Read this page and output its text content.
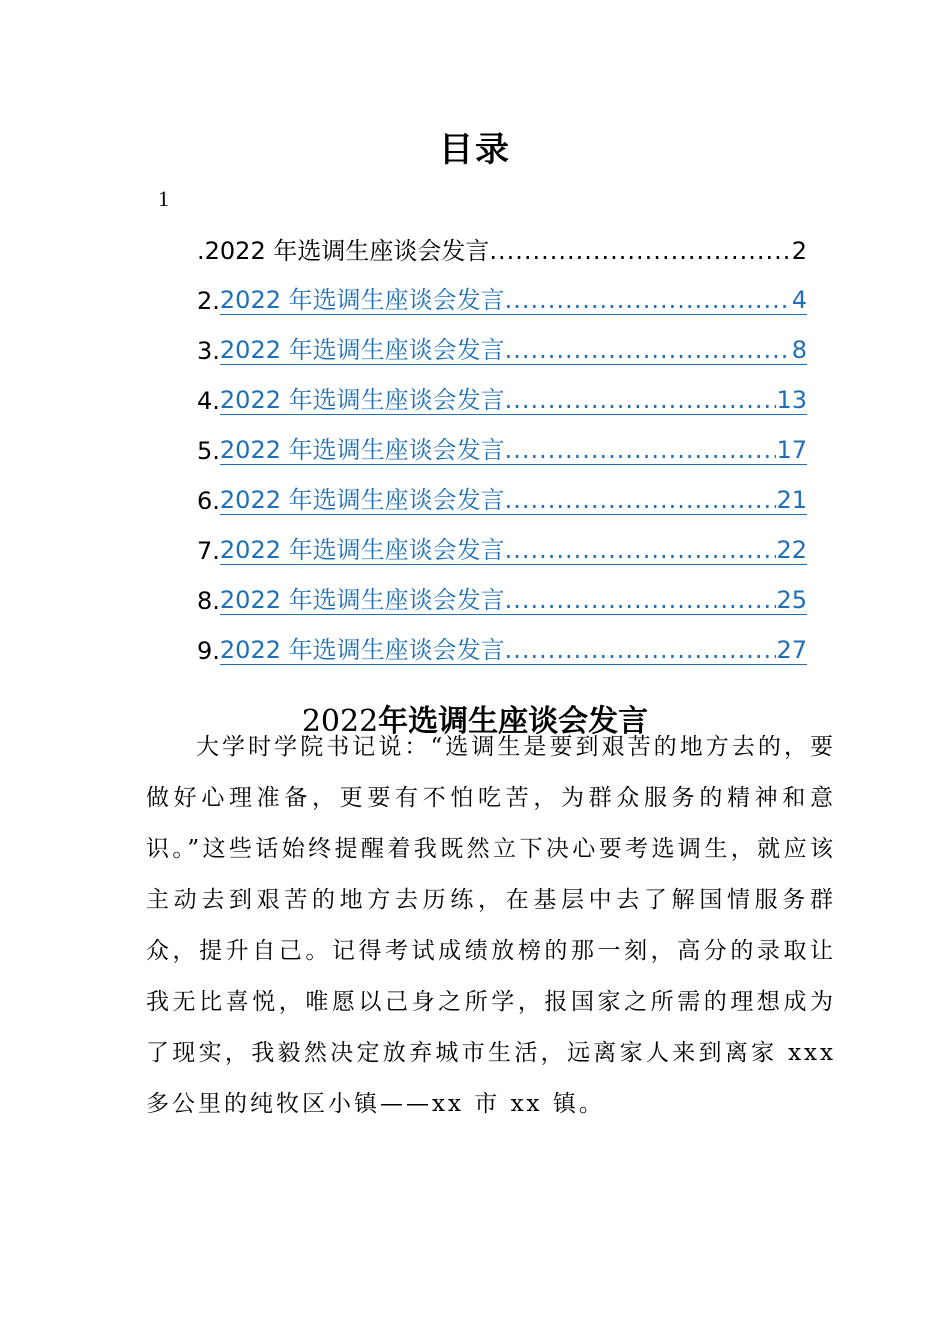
目录
1
. 2022 年选调生座谈会发言 .....	2
2. 2022 年选调生座谈会发言 .....	4
3. 2022 年选调生座谈会发言 .....	8
4. 2022 年选调生座谈会发言 .....	13
5. 2022 年选调生座谈会发言 .....	17
6. 2022 年选调生座谈会发言 .....	21
7. 2022 年选调生座谈会发言 .....	22
8. 2022 年选调生座谈会发言 .....	25
9. 2022 年选调生座谈会发言 .....	27
2022年选调生座谈会发言

大学时学院书记说：“选调生是要到艰苦的地方去的，要做好心理准备，更要有不怕吃苦，为群众服务的精神和意识。”这些话始终提醒着我既然立下决心要考选调生，就应该主动去到艰苦的地方去历练，在基层中去了解国情服务群众，提升自己。记得考试成绩放榜的那一刻，高分的录取让我无比喜悦，唯愿以己身之所学，报国家之所需的理想成为了现实，我毅然决定放弃城市生活，远离家人来到离家 xxx 多公里的纯牧区小镇——xx 市 xx 镇。
